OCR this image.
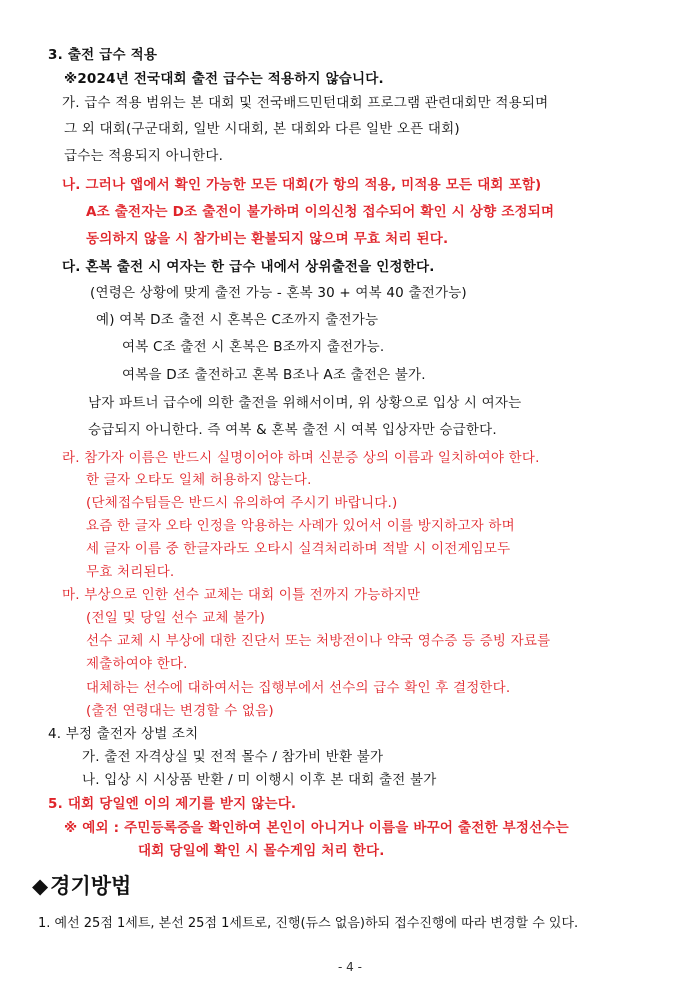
3. 출전 급수 적용
※2024년 전국대회 출전 급수는 적용하지 않습니다.
가. 급수 적용 범위는 본 대회 및 전국배드민턴대회 프로그램 관련대회만 적용되며
그 외 대회(구군대회, 일반 시대회, 본 대회와 다른 일반 오픈 대회)
급수는 적용되지 아니한다.
나. 그러나 앱에서 확인 가능한 모든 대회(가 항의 적용, 미적용 모든 대회 포함)
A조 출전자는 D조 출전이 불가하며 이의신청 접수되어 확인 시 상향 조정되며
동의하지 않을 시 참가비는 환불되지 않으며 무효 처리 된다.
다. 혼복 출전 시 여자는 한 급수 내에서 상위출전을 인정한다.
(연령은 상황에 맞게 출전 가능 - 혼복 30 + 여복 40 출전가능)
예) 여복 D조 출전 시 혼복은 C조까지 출전가능
여복 C조 출전 시 혼복은 B조까지 출전가능.
여복을 D조 출전하고 혼복 B조나 A조 출전은 불가.
남자 파트너 급수에 의한 출전을 위해서이며, 위 상황으로 입상 시 여자는
승급되지 아니한다. 즉 여복 & 혼복 출전 시 여복 입상자만 승급한다.
라. 참가자 이름은 반드시 실명이어야 하며 신분증 상의 이름과 일치하여야 한다.
한 글자 오타도 일체 허용하지 않는다.
(단체접수팀들은 반드시 유의하여 주시기 바랍니다.)
요즘 한 글자 오타 인정을 악용하는 사례가 있어서 이를 방지하고자 하며
세 글자 이름 중 한글자라도 오타시 실격처리하며 적발 시 이전게임모두
무효 처리된다.
마. 부상으로 인한 선수 교체는 대회 이틀 전까지 가능하지만
(전일 및 당일 선수 교체 불가)
선수 교체 시 부상에 대한 진단서 또는 처방전이나 약국 영수증 등 증빙 자료를
제출하여야 한다.
대체하는 선수에 대하여서는 집행부에서 선수의 급수 확인 후 결정한다.
(출전 연령대는 변경할 수 없음)
4. 부정 출전자 상벌 조치
가. 출전 자격상실 및 전적 몰수 / 참가비 반환 불가
나. 입상 시 시상품 반환 / 미 이행시 이후 본 대회 출전 불가
5. 대회 당일엔 이의 제기를 받지 않는다.
※ 예외 : 주민등록증을 확인하여 본인이 아니거나 이름을 바꾸어 출전한 부정선수는
대회 당일에 확인 시 몰수게임 처리 한다.
◆경기방법
1. 예선 25점 1세트, 본선 25점 1세트로, 진행(듀스 없음)하되 접수진행에 따라 변경할 수 있다.
- 4 -
